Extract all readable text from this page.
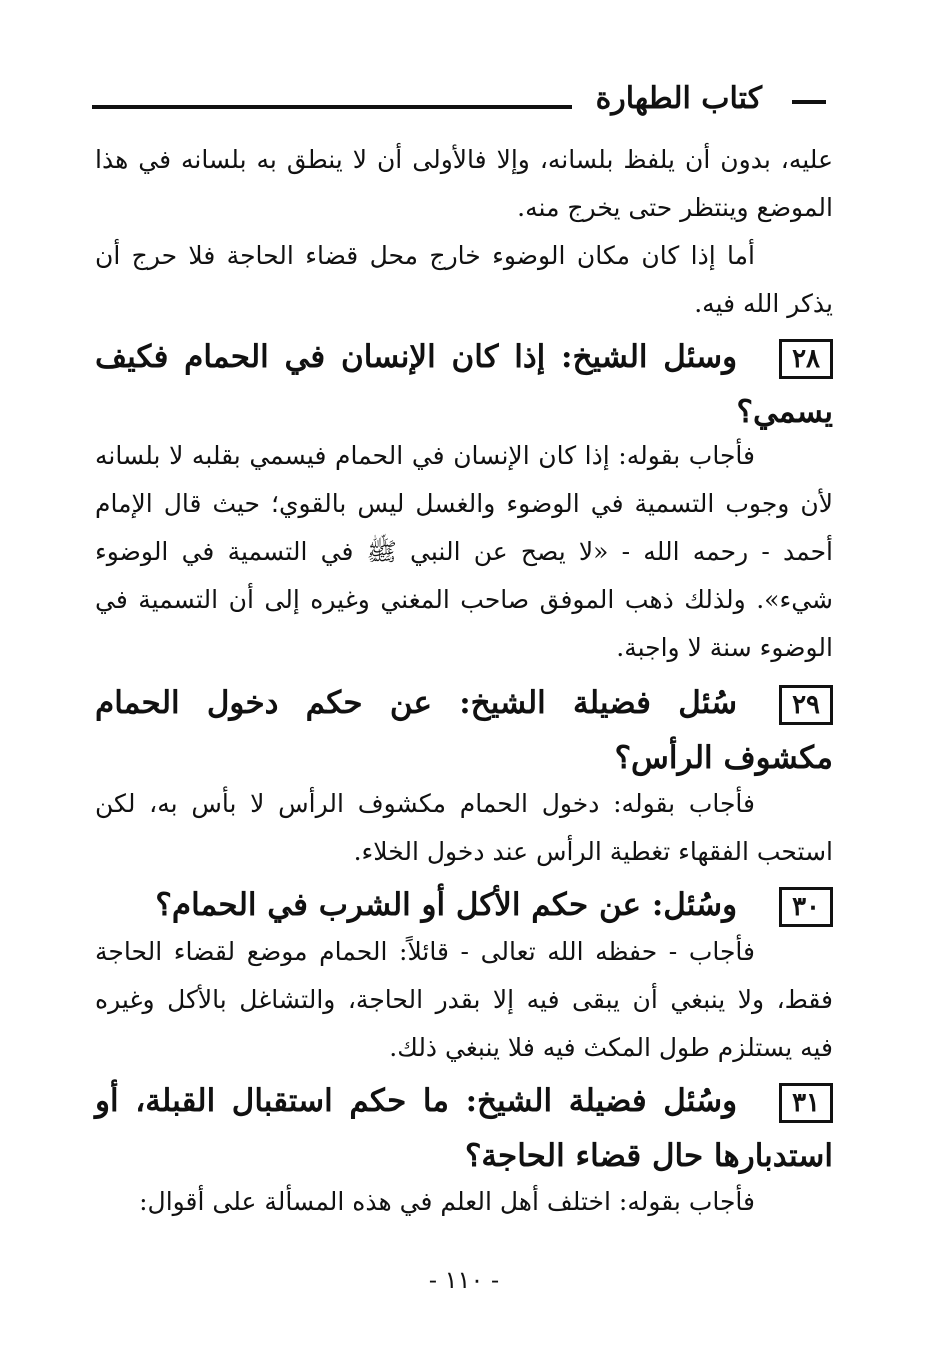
كتاب الطهارة
عليه، بدون أن يلفظ بلسانه، وإلا فالأولى أن لا ينطق به بلسانه في هذا
الموضع وينتظر حتى يخرج منه.
أما إذا كان مكان الوضوء خارج محل قضاء الحاجة فلا حرج أن
يذكر الله فيه.
٢٨وسئل الشيخ: إذا كان الإنسان في الحمام فكيف
يسمي؟
فأجاب بقوله: إذا كان الإنسان في الحمام فيسمي بقلبه لا بلسانه
لأن وجوب التسمية في الوضوء والغسل ليس بالقوي؛ حيث قال الإمام
أحمد - رحمه الله - «لا يصح عن النبي ﷺ في التسمية في الوضوء
شيء». ولذلك ذهب الموفق صاحب المغني وغيره إلى أن التسمية في
الوضوء سنة لا واجبة.
٢٩سُئل فضيلة الشيخ: عن حكم دخول الحمام
مكشوف الرأس؟
فأجاب بقوله: دخول الحمام مكشوف الرأس لا بأس به، لكن
استحب الفقهاء تغطية الرأس عند دخول الخلاء.
٣٠وسُئل: عن حكم الأكل أو الشرب في الحمام؟
فأجاب - حفظه الله تعالى - قائلاً: الحمام موضع لقضاء الحاجة
فقط، ولا ينبغي أن يبقى فيه إلا بقدر الحاجة، والتشاغل بالأكل وغيره
فيه يستلزم طول المكث فيه فلا ينبغي ذلك.
٣١وسُئل فضيلة الشيخ: ما حكم استقبال القبلة، أو
استدبارها حال قضاء الحاجة؟
فأجاب بقوله: اختلف أهل العلم في هذه المسألة على أقوال:
- ١١٠ -
